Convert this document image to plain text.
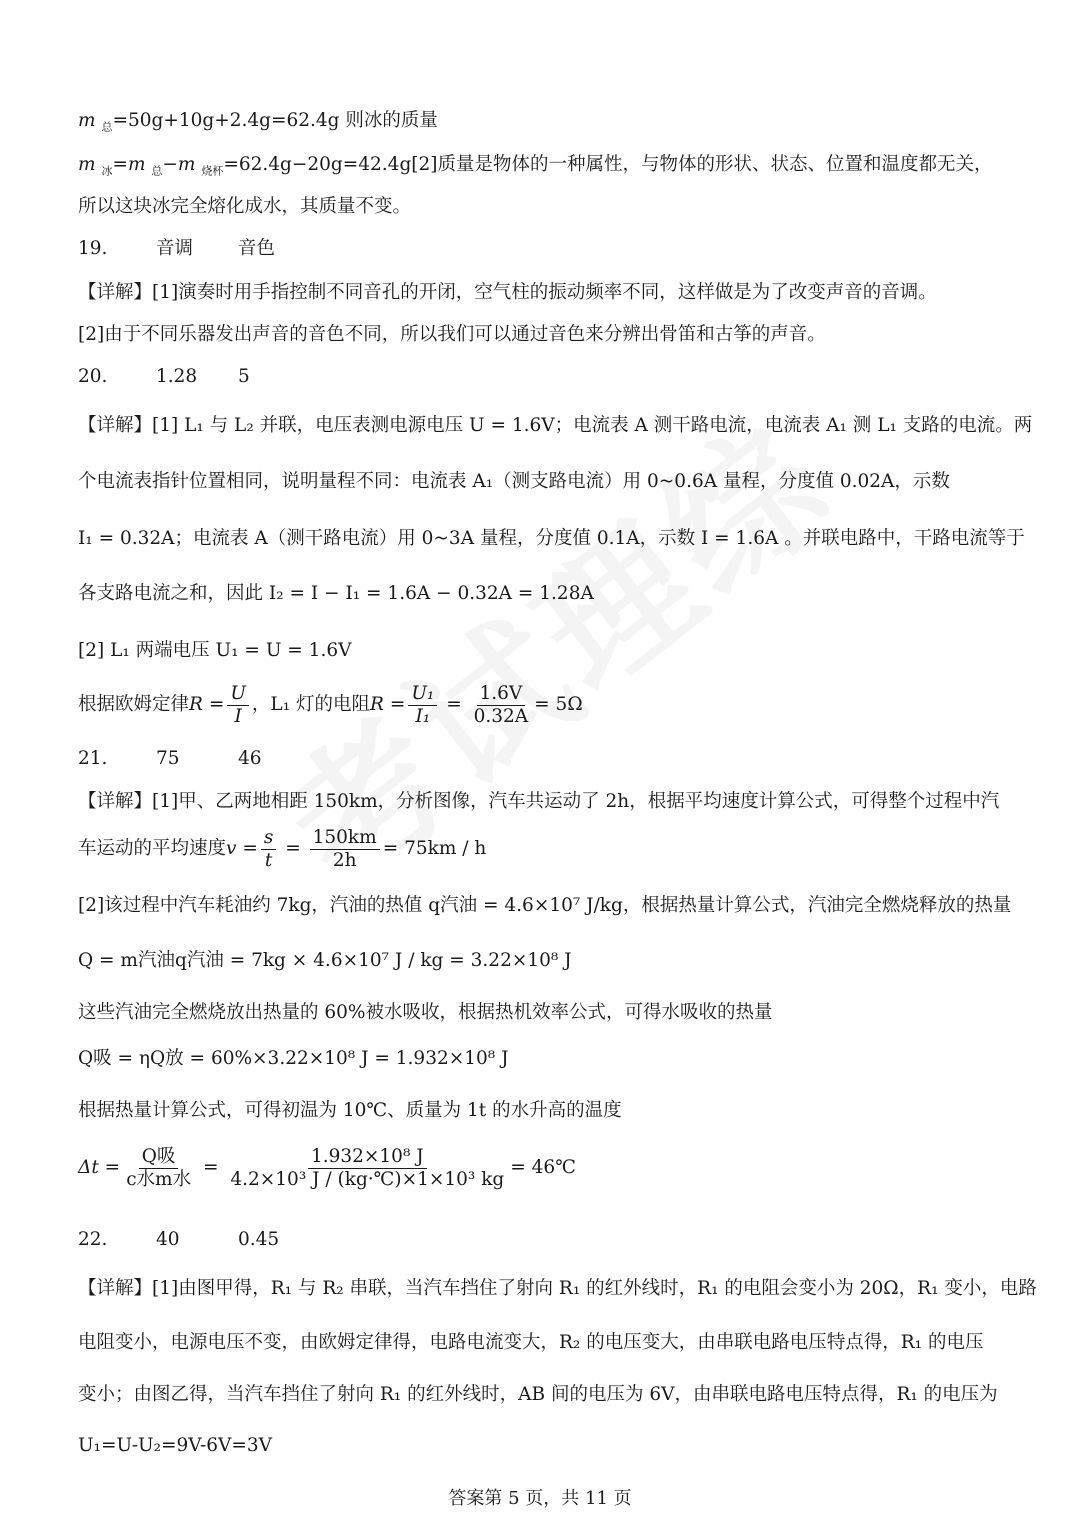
m $_总$=50g+10g+2.4g=62.4g 则冰的质量
m $_冰$=m $_总$−m $_{烧杯}$=62.4g−20g=42.4g[2]质量是物体的一种属性，与物体的形状、状态、位置和温度都无关，
所以这块冰完全熔化成水，其质量不变。
19.	音调 音色
【详解】[1]演奏时用手指控制不同音孔的开闭，空气柱的振动频率不同，这样做是为了改变声音的音调。
[2]由于不同乐器发出声音的音色不同，所以我们可以通过音色来分辨出骨笛和古筝的声音。
20.	1.28 5
【详解】[1] L₁ 与 L₂ 并联，电压表测电源电压 U = 1.6V；电流表 A 测干路电流，电流表 A₁ 测 L₁ 支路的电流。两
个电流表指针位置相同，说明量程不同：电流表 A₁（测支路电流）用 0~0.6A 量程，分度值 0.02A，示数
I₁ = 0.32A；电流表 A（测干路电流）用 0~3A 量程，分度值 0.1A，示数 I = 1.6A 。并联电路中，干路电流等于
各支路电流之和，因此 I₂ = I − I₁ = 1.6A − 0.32A = 1.28A
[2] L₁ 两端电压 U₁ = U = 1.6V
根据欧姆定律$R = \frac{U}{I}$ ，L₁ 灯的电阻$R = \frac{\text{U₁}}{\text{I₁}} = \frac{1.6V}{0.32A} = 5\Omega$
21.	75	46
【详解】[1]甲、乙两地相距 150km，分析图像，汽车共运动了 2h，根据平均速度计算公式，可得整个过程中汽
车运动的平均速度$v = \frac{s}{t} = \frac{150km}{2h} = 75km / h$
[2]该过程中汽车耗油约 7kg，汽油的热值 q汽油 = 4.6×10⁷ J/kg，根据热量计算公式，汽油完全燃烧释放的热量
Q = m汽油q汽油 = 7kg × 4.6×10⁷ J / kg = 3.22×10⁸ J
这些汽油完全燃烧放出热量的 60%被水吸收，根据热机效率公式，可得水吸收的热量
Q吸 = ηQ放 = 60%×3.22×10⁸ J = 1.932×10⁸ J
根据热量计算公式，可得初温为 10℃、质量为 1t 的水升高的温度
$\Delta t = \frac{\text{Q吸}}{\text{c水m水}} = \frac{\text{1.932×10⁸ J}}{\text{4.2×10³ J / (kg·℃)×1×10³ kg}}$ = 46℃
22.	40	0.45
【详解】[1]由图甲得，R₁ 与 R₂ 串联，当汽车挡住了射向 R₁ 的红外线时，R₁ 的电阻会变小为 20Ω，R₁ 变小，电路
电阻变小，电源电压不变，由欧姆定律得，电路电流变大，R₂ 的电压变大，由串联电路电压特点得，R₁ 的电压
变小；由图乙得，当汽车挡住了射向 R₁ 的红外线时，AB 间的电压为 6V，由串联电路电压特点得，R₁ 的电压为
U₁=U-U₂=9V-6V=3V
答案第 5 页，共 11 页
